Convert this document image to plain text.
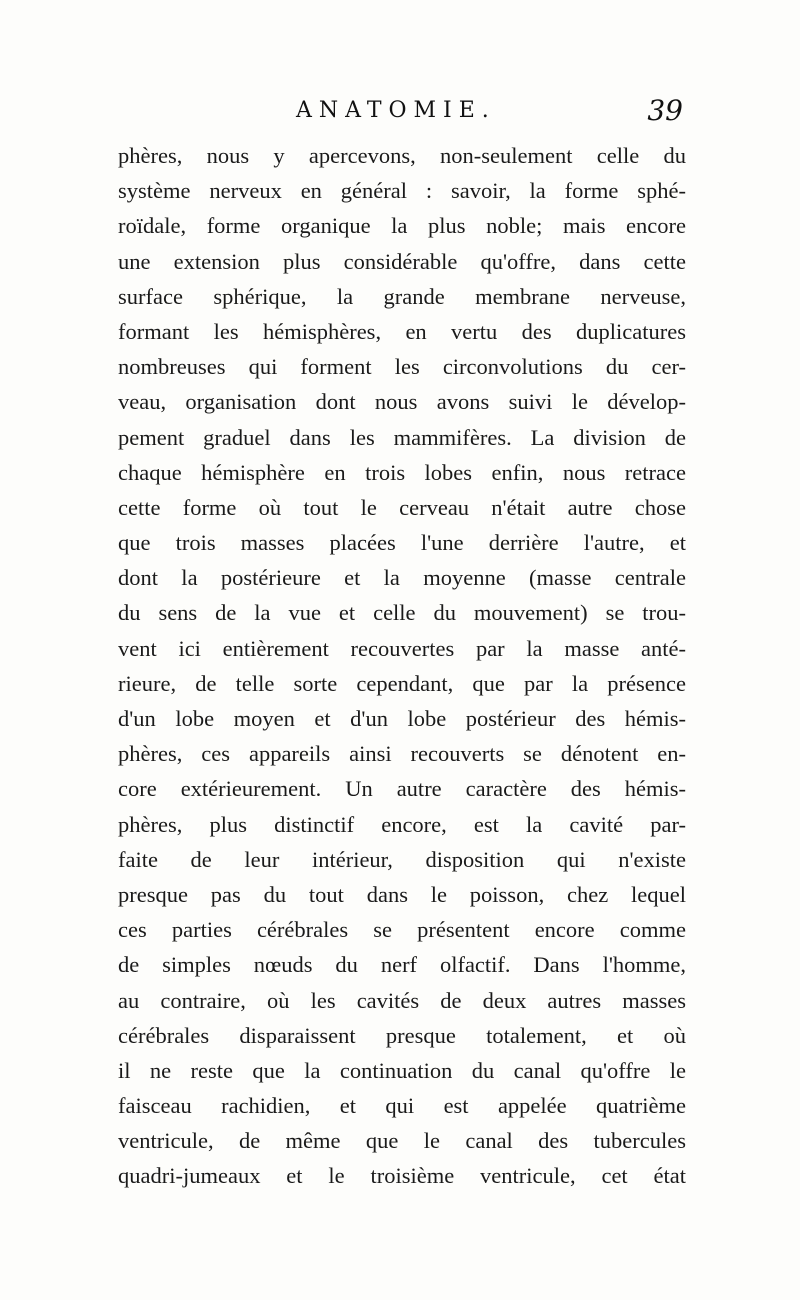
ANATOMIE.	39
phères, nous y apercevons, non-seulement celle du
système nerveux en général : savoir, la forme sphé-
roïdale, forme organique la plus noble; mais encore
une extension plus considérable qu'offre, dans cette
surface sphérique, la grande membrane nerveuse,
formant les hémisphères, en vertu des duplicatures
nombreuses qui forment les circonvolutions du cer-
veau, organisation dont nous avons suivi le dévelop-
pement graduel dans les mammifères. La division de
chaque hémisphère en trois lobes enfin, nous retrace
cette forme où tout le cerveau n'était autre chose
que trois masses placées l'une derrière l'autre, et
dont la postérieure et la moyenne (masse centrale
du sens de la vue et celle du mouvement) se trou-
vent ici entièrement recouvertes par la masse anté-
rieure, de telle sorte cependant, que par la présence
d'un lobe moyen et d'un lobe postérieur des hémis-
phères, ces appareils ainsi recouverts se dénotent en-
core extérieurement. Un autre caractère des hémis-
phères, plus distinctif encore, est la cavité par-
faite de leur intérieur, disposition qui n'existe
presque pas du tout dans le poisson, chez lequel
ces parties cérébrales se présentent encore comme
de simples nœuds du nerf olfactif. Dans l'homme,
au contraire, où les cavités de deux autres masses
cérébrales disparaissent presque totalement, et où
il ne reste que la continuation du canal qu'offre le
faisceau rachidien, et qui est appelée quatrième
ventricule, de même que le canal des tubercules
quadri-jumeaux et le troisième ventricule, cet état
